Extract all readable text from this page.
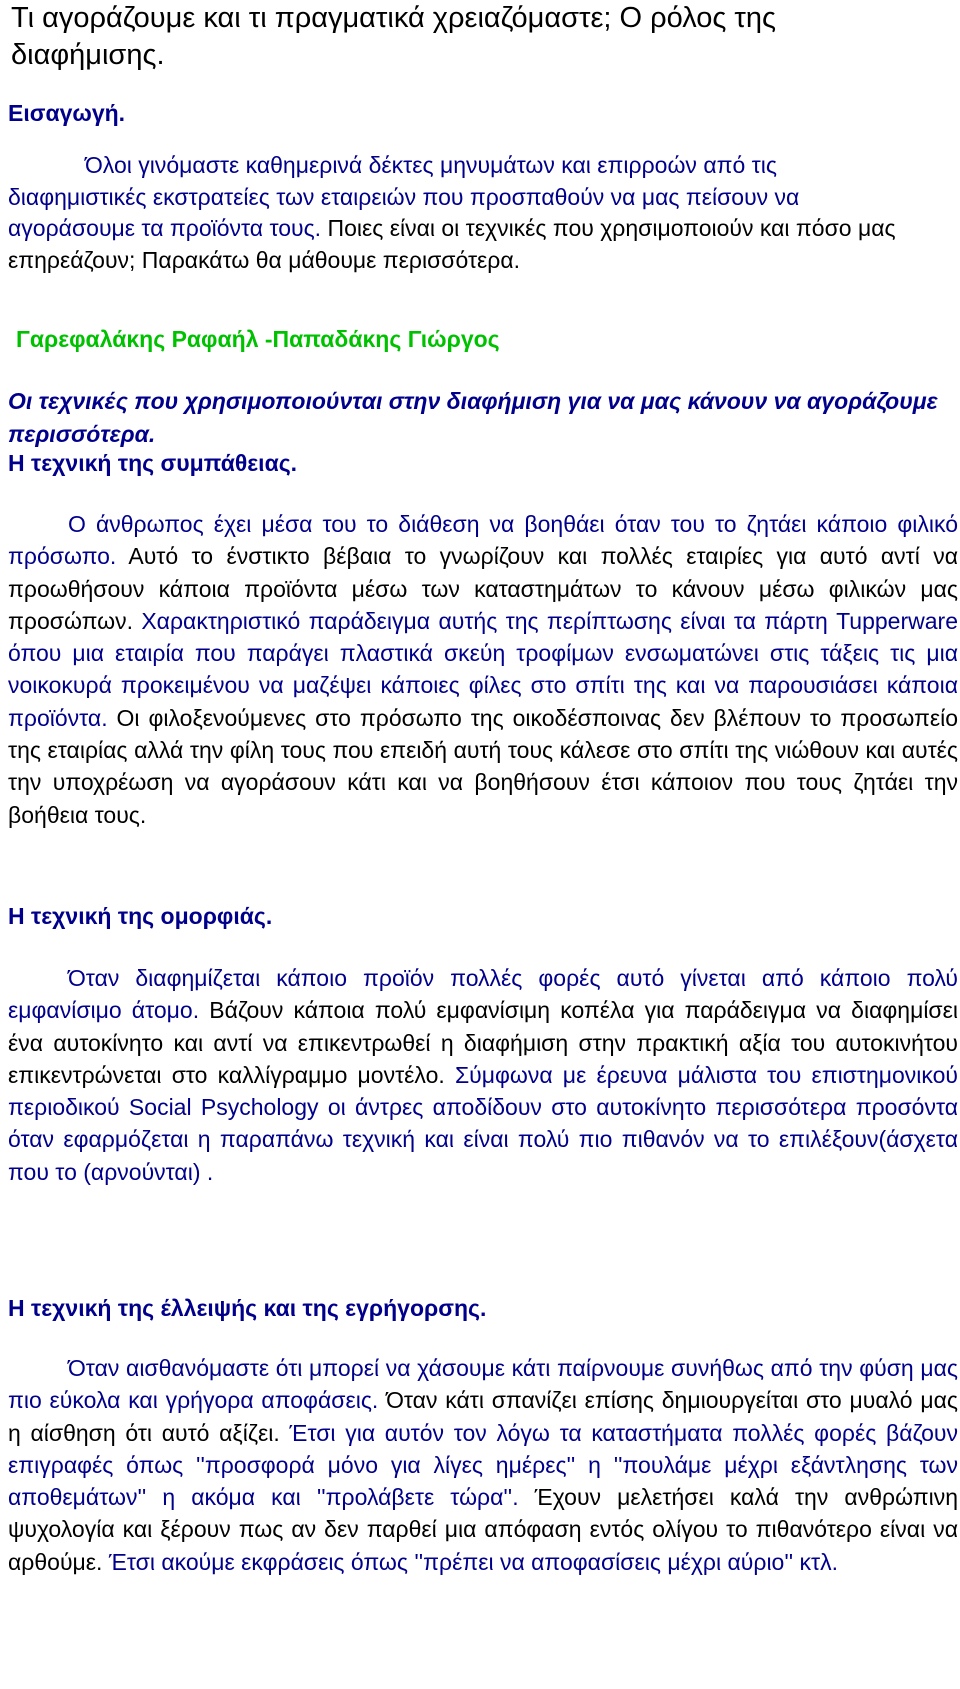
Τι αγοράζουμε και τι πραγματικά χρειαζόμαστε; Ο ρόλος της διαφήμισης.
Εισαγωγή.

Όλοι γινόμαστε καθημερινά δέκτες μηνυμάτων και επιρροών από τις διαφημιστικές εκστρατείες των εταιρειών που προσπαθούν να μας πείσουν να αγοράσουμε τα προϊόντα τους. Ποιες είναι οι τεχνικές που χρησιμοποιούν και πόσο μας επηρεάζουν; Παρακάτω θα μάθουμε περισσότερα.

Γαρεφαλάκης Ραφαήλ -Παπαδάκης Γιώργος

Οι τεχνικές που χρησιμοποιούνται στην διαφήμιση για να μας κάνουν να αγοράζουμε περισσότερα.

Η τεχνική της συμπάθειας.

Ο άνθρωπος έχει μέσα του το διάθεση να βοηθάει όταν του το ζητάει κάποιο φιλικό πρόσωπο. Αυτό το ένστικτο βέβαια το γνωρίζουν και πολλές εταιρίες για αυτό αντί να προωθήσουν κάποια προϊόντα μέσω των καταστημάτων το κάνουν μέσω φιλικών μας προσώπων. Χαρακτηριστικό παράδειγμα αυτής της περίπτωσης είναι τα πάρτη Tupperware όπου μια εταιρία που παράγει πλαστικά σκεύη τροφίμων ενσωματώνει στις τάξεις τις μια νοικοκυρά προκειμένου να μαζέψει κάποιες φίλες στο σπίτι της και να παρουσιάσει κάποια προϊόντα. Οι φιλοξενούμενες στο πρόσωπο της οικοδέσποινας δεν βλέπουν το προσωπείο της εταιρίας αλλά την φίλη τους που επειδή αυτή τους κάλεσε στο σπίτι της νιώθουν και αυτές την υποχρέωση να αγοράσουν κάτι και να βοηθήσουν έτσι κάποιον που τους ζητάει την βοήθεια τους.

Η τεχνική της ομορφιάς.

Όταν διαφημίζεται κάποιο προϊόν πολλές φορές αυτό γίνεται από κάποιο πολύ εμφανίσιμο άτομο. Βάζουν κάποια πολύ εμφανίσιμη κοπέλα για παράδειγμα να διαφημίσει ένα αυτοκίνητο και αντί να επικεντρωθεί η διαφήμιση στην πρακτική αξία του αυτοκινήτου επικεντρώνεται στο καλλίγραμμο μοντέλο. Σύμφωνα με έρευνα μάλιστα του επιστημονικού περιοδικού Social Psychology οι άντρες αποδίδουν στο αυτοκίνητο περισσότερα προσόντα όταν εφαρμόζεται η παραπάνω τεχνική και είναι πολύ πιο πιθανόν να το επιλέξουν(άσχετα που το (αρνούνται) .

Η τεχνική της έλλειψής και της εγρήγορσης.

Όταν αισθανόμαστε ότι μπορεί να χάσουμε κάτι παίρνουμε συνήθως από την φύση μας πιο εύκολα και γρήγορα αποφάσεις. Όταν κάτι σπανίζει επίσης δημιουργείται στο μυαλό μας η αίσθηση ότι αυτό αξίζει. Έτσι για αυτόν τον λόγω τα καταστήματα πολλές φορές βάζουν επιγραφές όπως ''προσφορά μόνο για λίγες ημέρες'' η ''πουλάμε μέχρι εξάντλησης των αποθεμάτων'' η ακόμα και ''προλάβετε τώρα''. Έχουν μελετήσει καλά την ανθρώπινη ψυχολογία και ξέρουν πως αν δεν παρθεί μια απόφαση εντός ολίγου το πιθανότερο είναι να αρθούμε. Έτσι ακούμε εκφράσεις όπως ''πρέπει να αποφασίσεις μέχρι αύριο'' κτλ.
